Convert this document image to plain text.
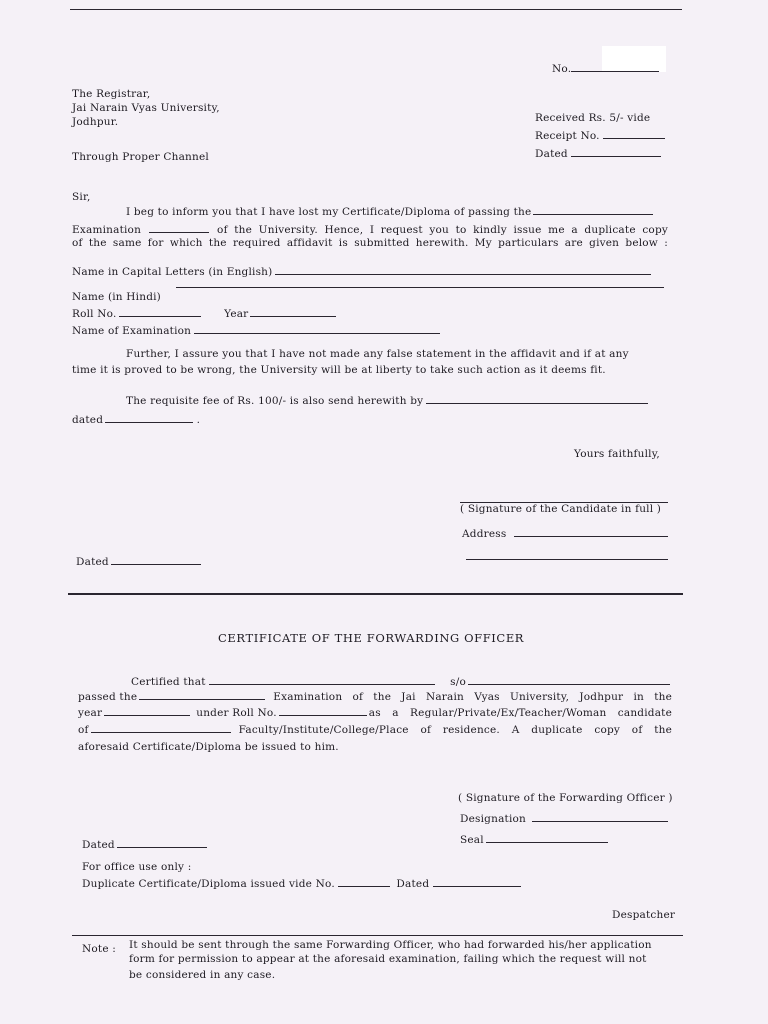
No.
Received Rs. 5/- vide
Receipt No.
Dated
The Registrar,
Jai Narain Vyas University,
Jodhpur.
Through Proper Channel
Sir,
I beg to inform you that I have lost my Certificate/Diploma of passing the
Examination	of the University. Hence, I request you to kindly issue me a duplicate copy
of the same for which the required affidavit is submitted herewith. My particulars are given below :
Name in Capital Letters (in English)
Name (in Hindi)
Roll No.	Year
Name of Examination
Further, I assure you that I have not made any false statement in the affidavit and if at any
time it is proved to be wrong, the University will be at liberty to take such action as it deems fit.
The requisite fee of Rs. 100/- is also send herewith by
dated	.
Yours faithfully,
( Signature of the Candidate in full )
Address
Dated
CERTIFICATE OF THE FORWARDING OFFICER
Certified that	s/o
passed the	Examination of the Jai Narain Vyas University, Jodhpur in the
year	under Roll No.	as a Regular/Private/Ex/Teacher/Woman candidate
of	Faculty/Institute/College/Place of residence. A duplicate copy of the
aforesaid Certificate/Diploma be issued to him.
( Signature of the Forwarding Officer )
Designation
Seal
Dated
For office use only :
Duplicate Certificate/Diploma issued vide No.	Dated
Despatcher
Note : It should be sent through the same Forwarding Officer, who had forwarded his/her application
form for permission to appear at the aforesaid examination, failing which the request will not
be considered in any case.
